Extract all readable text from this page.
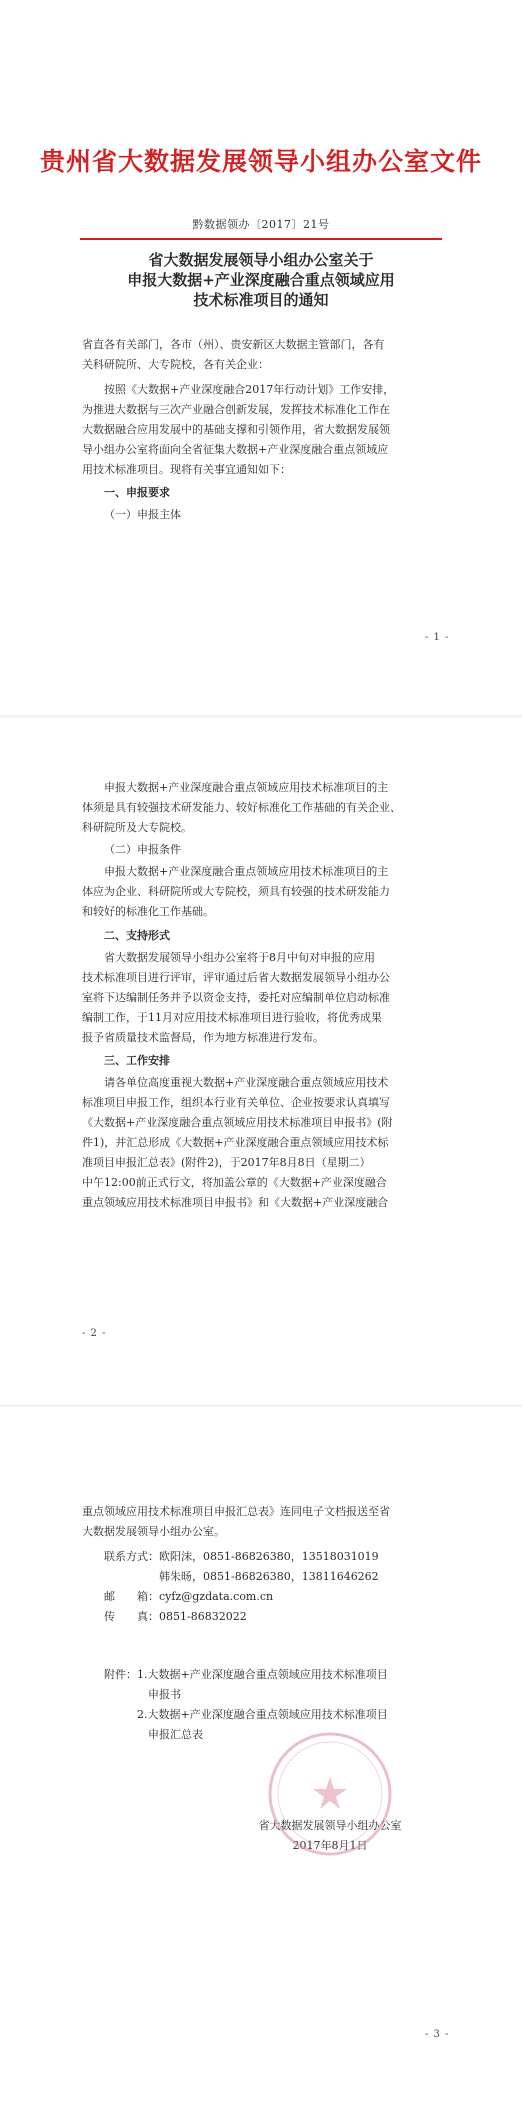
贵州省大数据发展领导小组办公室文件
黔数据领办〔2017〕21号
省大数据发展领导小组办公室关于
申报大数据+产业深度融合重点领域应用
技术标准项目的通知
省直各有关部门，各市（州）、贵安新区大数据主管部门，各有
关科研院所、大专院校，各有关企业：
按照《大数据+产业深度融合2017年行动计划》工作安排，
为推进大数据与三次产业融合创新发展，发挥技术标准化工作在
大数据融合应用发展中的基础支撑和引领作用，省大数据发展领
导小组办公室将面向全省征集大数据+产业深度融合重点领域应
用技术标准项目。现将有关事宜通知如下：
一、申报要求
（一）申报主体
- 1 -
申报大数据+产业深度融合重点领域应用技术标准项目的主
体须是具有较强技术研发能力、较好标准化工作基础的有关企业、
科研院所及大专院校。
（二）申报条件
申报大数据+产业深度融合重点领域应用技术标准项目的主
体应为企业、科研院所或大专院校，须具有较强的技术研发能力
和较好的标准化工作基础。
二、支持形式
省大数据发展领导小组办公室将于8月中旬对申报的应用
技术标准项目进行评审，评审通过后省大数据发展领导小组办公
室将下达编制任务并予以资金支持，委托对应编制单位启动标准
编制工作，于11月对应用技术标准项目进行验收，将优秀成果
报予省质量技术监督局，作为地方标准进行发布。
三、工作安排
请各单位高度重视大数据+产业深度融合重点领域应用技术
标准项目申报工作，组织本行业有关单位、企业按要求认真填写
《大数据+产业深度融合重点领域应用技术标准项目申报书》(附
件1)，并汇总形成《大数据+产业深度融合重点领域应用技术标
准项目申报汇总表》(附件2)，于2017年8月8日（星期二）
中午12:00前正式行文，将加盖公章的《大数据+产业深度融合
重点领域应用技术标准项目申报书》和《大数据+产业深度融合
- 2 -
重点领域应用技术标准项目申报汇总表》连同电子文档报送至省
大数据发展领导小组办公室。
联系方式：欧阳沫，0851-86826380，13518031019
韩朱旸，0851-86826380，13811646262
邮　　箱：cyfz@gzdata.com.cn
传　　真：0851-86832022
附件：1.大数据+产业深度融合重点领域应用技术标准项目
申报书
2.大数据+产业深度融合重点领域应用技术标准项目
申报汇总表
省大数据发展领导小组办公室
2017年8月1日
- 3 -
